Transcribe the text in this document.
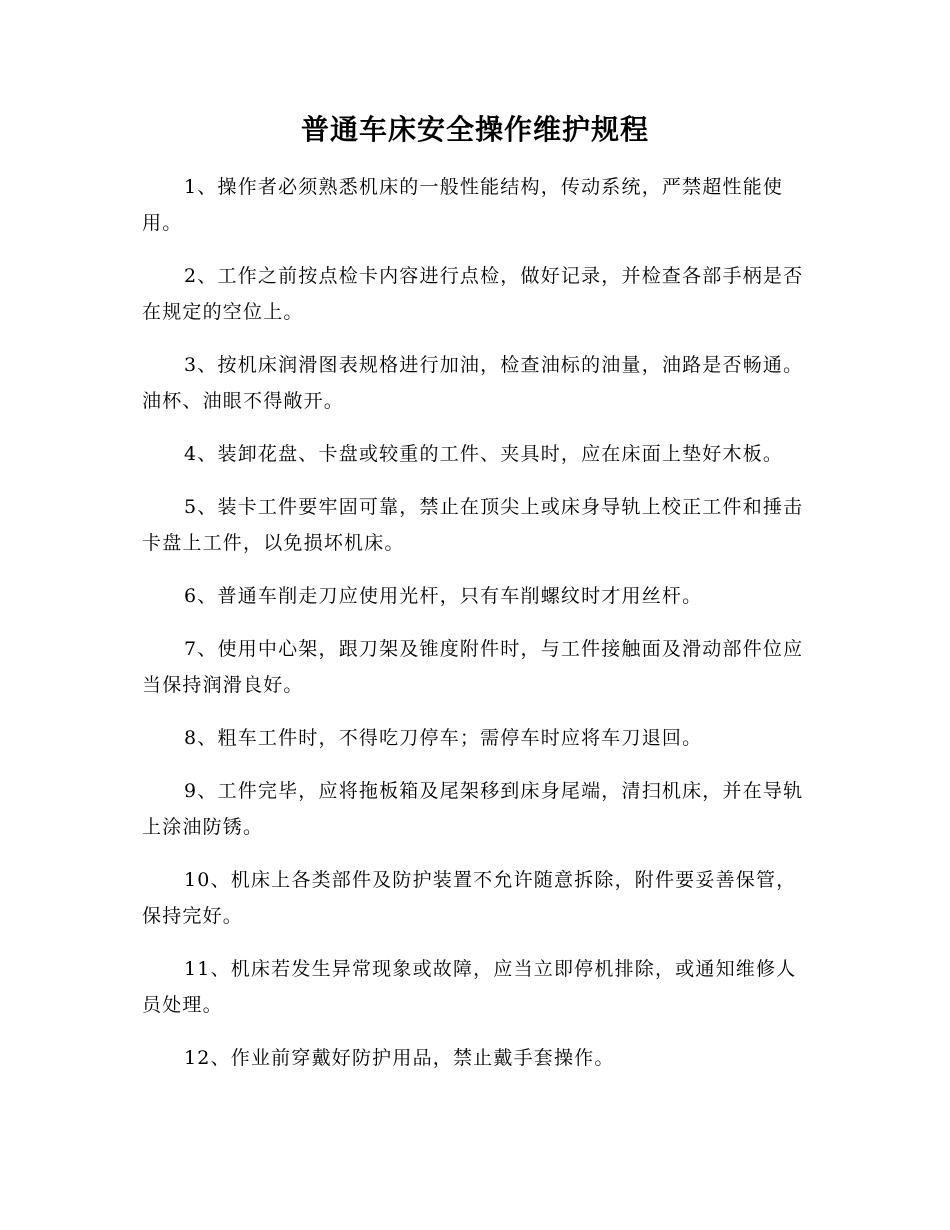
普通车床安全操作维护规程
1、操作者必须熟悉机床的一般性能结构，传动系统，严禁超性能使用。
2、工作之前按点检卡内容进行点检，做好记录，并检查各部手柄是否在规定的空位上。
3、按机床润滑图表规格进行加油，检查油标的油量，油路是否畅通。油杯、油眼不得敞开。
4、装卸花盘、卡盘或较重的工件、夹具时，应在床面上垫好木板。
5、装卡工件要牢固可靠，禁止在顶尖上或床身导轨上校正工件和捶击卡盘上工件，以免损坏机床。
6、普通车削走刀应使用光杆，只有车削螺纹时才用丝杆。
7、使用中心架，跟刀架及锥度附件时，与工件接触面及滑动部件位应当保持润滑良好。
8、粗车工件时，不得吃刀停车；需停车时应将车刀退回。
9、工件完毕，应将拖板箱及尾架移到床身尾端，清扫机床，并在导轨上涂油防锈。
10、机床上各类部件及防护装置不允许随意拆除，附件要妥善保管，保持完好。
11、机床若发生异常现象或故障，应当立即停机排除，或通知维修人员处理。
12、作业前穿戴好防护用品，禁止戴手套操作。
